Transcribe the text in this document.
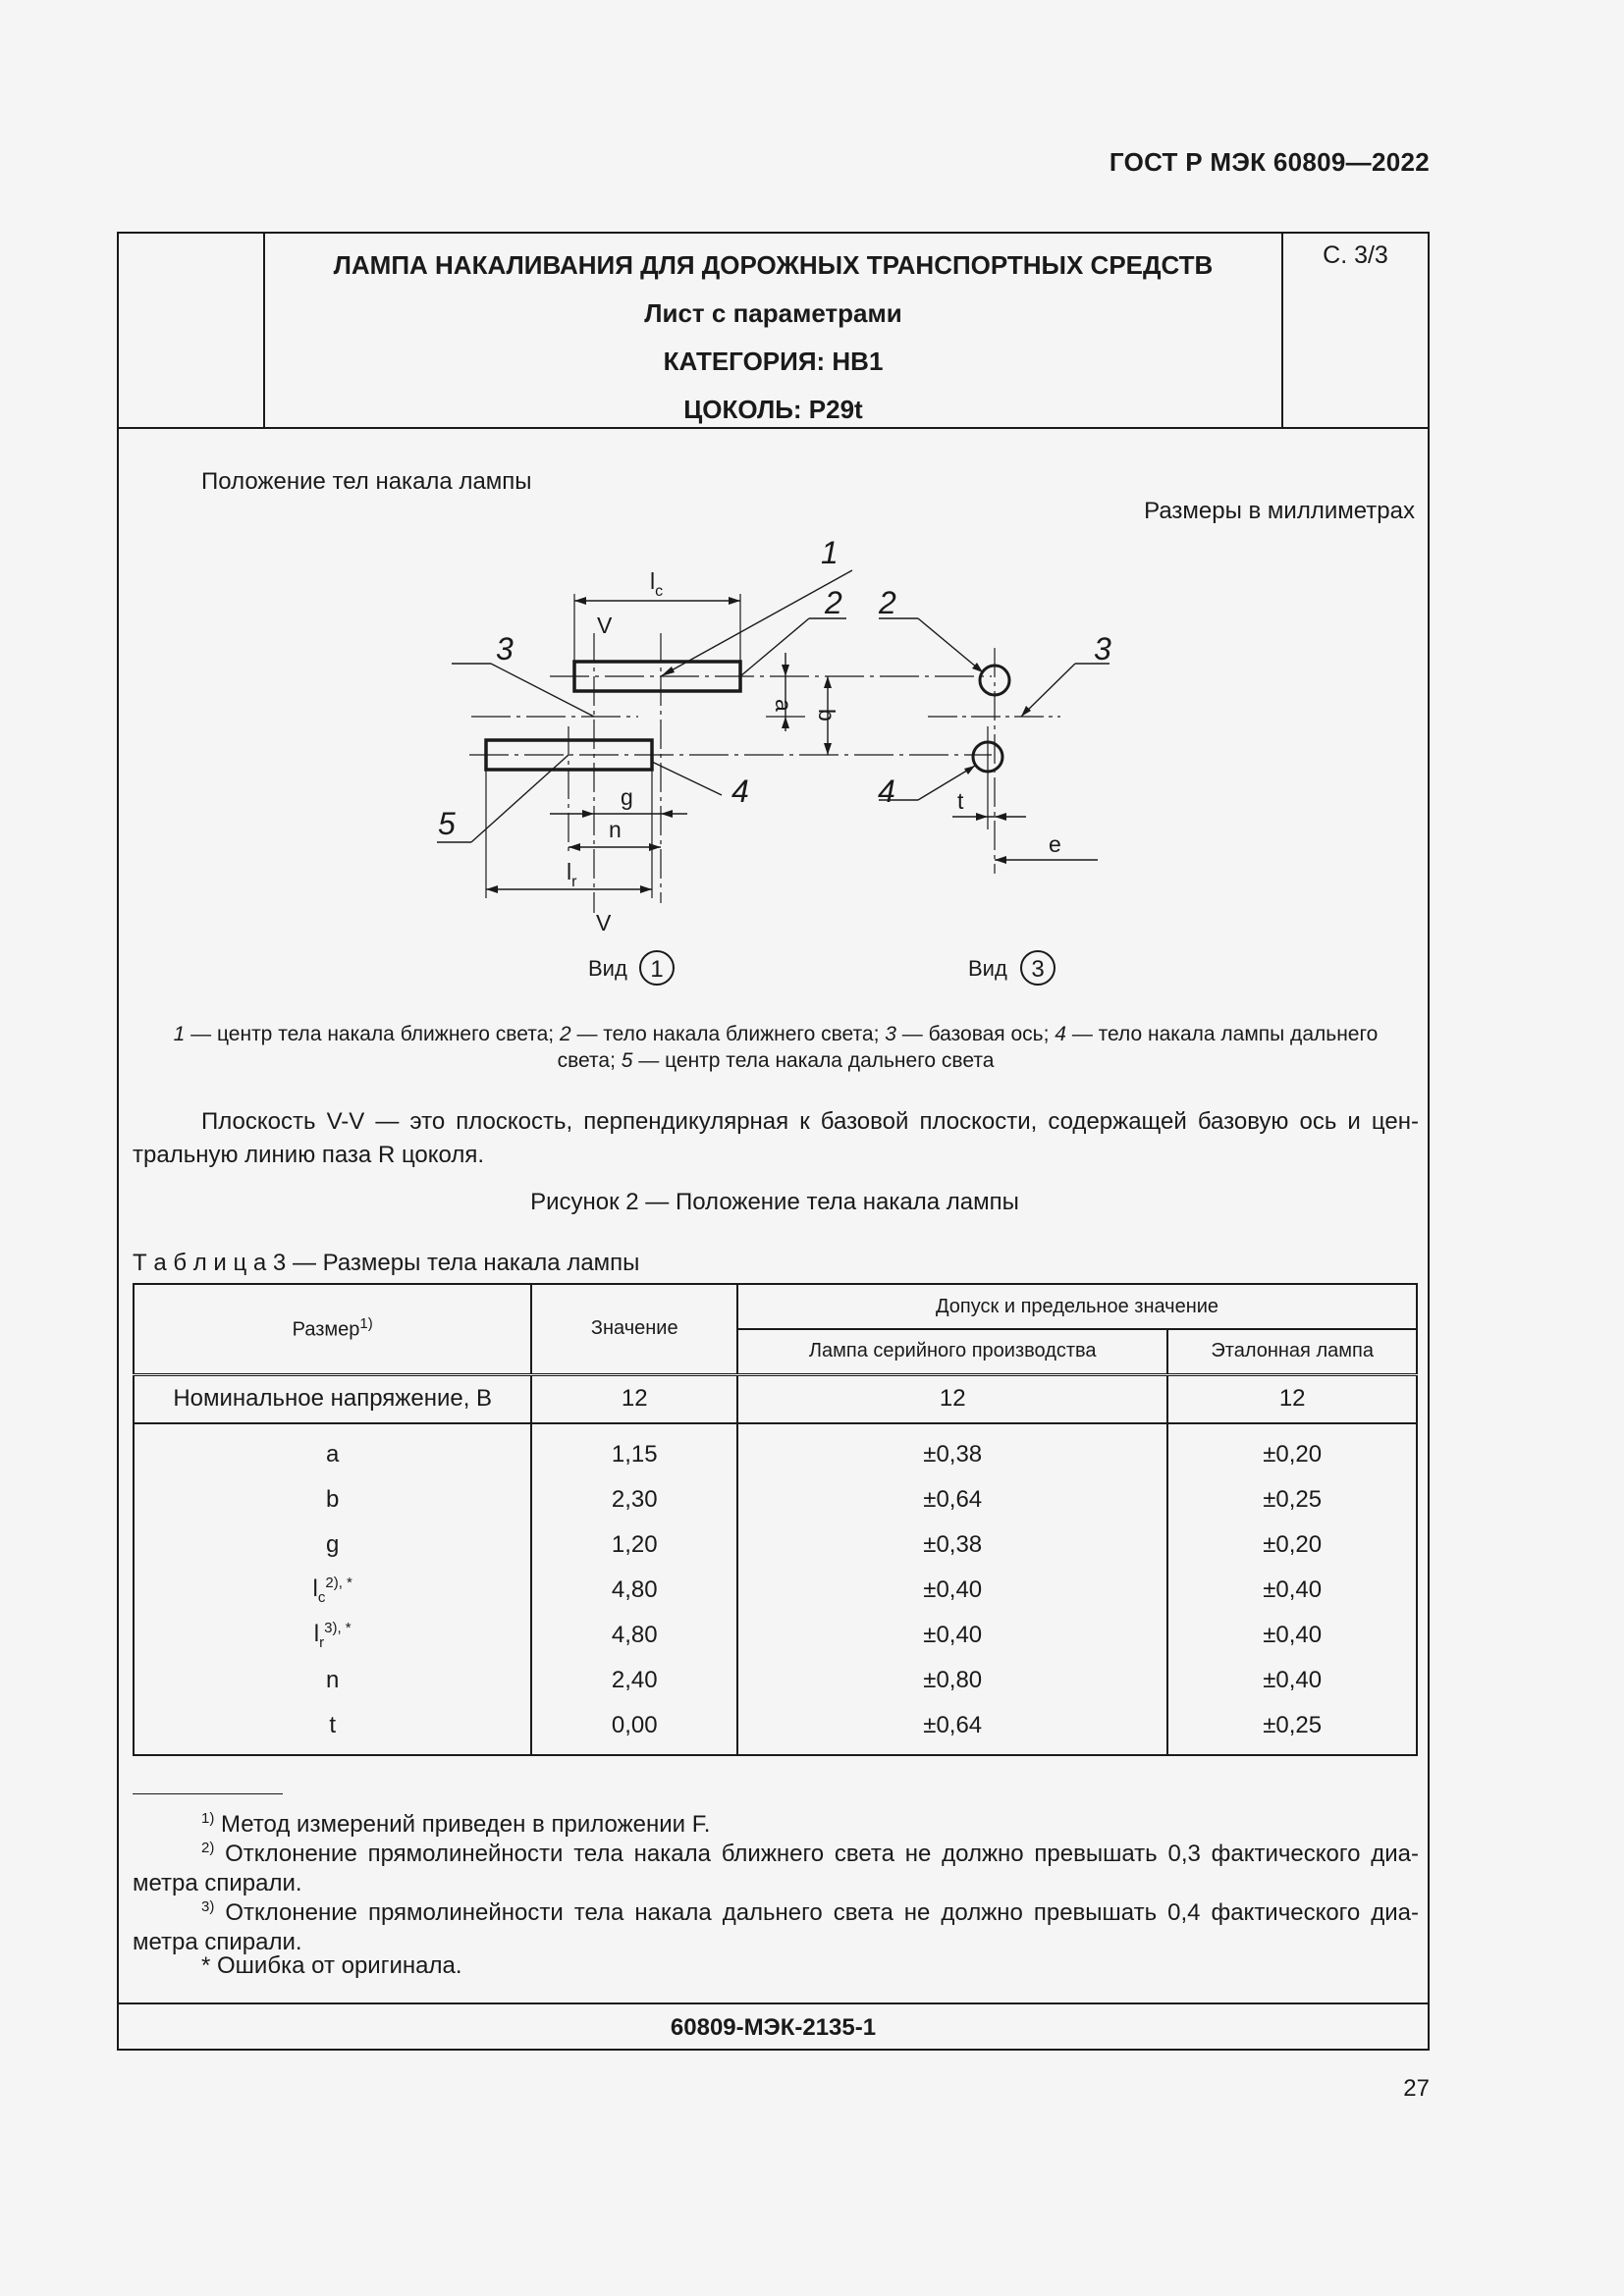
ГОСТ Р МЭК 60809—2022
ЛАМПА НАКАЛИВАНИЯ ДЛЯ ДОРОЖНЫХ ТРАНСПОРТНЫХ СРЕДСТВ
Лист с параметрами
КАТЕГОРИЯ: HB1
ЦОКОЛЬ: P29t
С. 3/3
Положение тел накала лампы
Размеры в миллиметрах
$l_c$
V
V
$l_r$
n
g
a
b
t
e
1
2 2
3	3
4	4
5
Вид 1	Вид 3
1 — центр тела накала ближнего света; 2 — тело накала ближнего света; 3 — базовая ось; 4 — тело накала лампы дальнего
света; 5 — центр тела накала дальнего света
Плоскость V-V — это плоскость, перпендикулярная к базовой плоскости, содержащей базовую ось и цен-
тральную линию паза R цоколя.
Рисунок 2 — Положение тела накала лампы
Т а б л и ц а 3 — Размеры тела накала лампы
Размер$^{1)}$	Значение	Допуск и предельное значение	
		Лампа серийного производства	Эталонная лампа
Номинальное напряжение, В	12	12	12
a	1,15	±0,38	±0,20
b	2,30	±0,64	±0,25
g	1,20	±0,38	±0,20
$l_c^{2), *}$	4,80	±0,40	±0,40
$l_r^{3), *}$	4,80	±0,40	±0,40
n	2,40	±0,80	±0,40
t	0,00	±0,64	±0,25
$^{1)}$ Метод измерений приведен в приложении F.
$^{2)}$ Отклонение прямолинейности тела накала ближнего света не должно превышать 0,3 фактического диа-
метра спирали.
$^{3)}$ Отклонение прямолинейности тела накала дальнего света не должно превышать 0,4 фактического диа-
метра спирали.
* Ошибка от оригинала.
60809-МЭК-2135-1
27
